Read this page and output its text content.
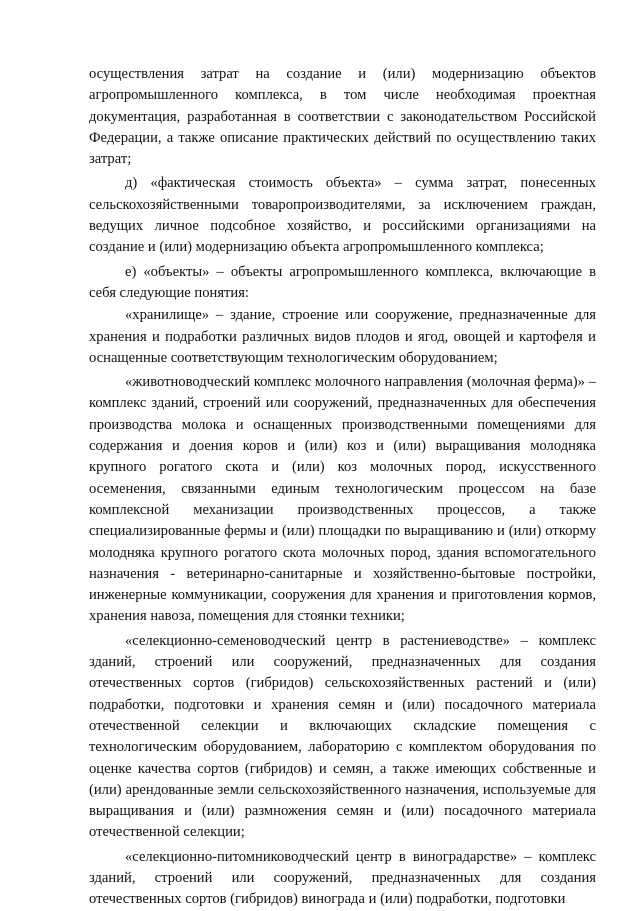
осуществления затрат на создание и (или) модернизацию объектов агропромышленного комплекса, в том числе необходимая проектная документация, разработанная в соответствии с законодательством Российской Федерации, а также описание практических действий по осуществлению таких затрат;

д) «фактическая стоимость объекта» – сумма затрат, понесенных сельскохозяйственными товаропроизводителями, за исключением граждан, ведущих личное подсобное хозяйство, и российскими организациями на создание и (или) модернизацию объекта агропромышленного комплекса;

е) «объекты» – объекты агропромышленного комплекса, включающие в себя следующие понятия:

«хранилище» – здание, строение или сооружение, предназначенные для хранения и подработки различных видов плодов и ягод, овощей и картофеля и оснащенные соответствующим технологическим оборудованием;

«животноводческий комплекс молочного направления (молочная ферма)» – комплекс зданий, строений или сооружений, предназначенных для обеспечения производства молока и оснащенных производственными помещениями для содержания и доения коров и (или) коз и (или) выращивания молодняка крупного рогатого скота и (или) коз молочных пород, искусственного осеменения, связанными единым технологическим процессом на базе комплексной механизации производственных процессов, а также специализированные фермы и (или) площадки по выращиванию и (или) откорму молодняка крупного рогатого скота молочных пород, здания вспомогательного назначения - ветеринарно-санитарные и хозяйственно-бытовые постройки, инженерные коммуникации, сооружения для хранения и приготовления кормов, хранения навоза, помещения для стоянки техники;

«селекционно-семеноводческий центр в растениеводстве» – комплекс зданий, строений или сооружений, предназначенных для создания отечественных сортов (гибридов) сельскохозяйственных растений и (или) подработки, подготовки и хранения семян и (или) посадочного материала отечественной селекции и включающих складские помещения с технологическим оборудованием, лабораторию с комплектом оборудования по оценке качества сортов (гибридов) и семян, а также имеющих собственные и (или) арендованные земли сельскохозяйственного назначения, используемые для выращивания и (или) размножения семян и (или) посадочного материала отечественной селекции;

«селекционно-питомниководческий центр в виноградарстве» – комплекс зданий, строений или сооружений, предназначенных для создания отечественных сортов (гибридов) винограда и (или) подработки, подготовки
